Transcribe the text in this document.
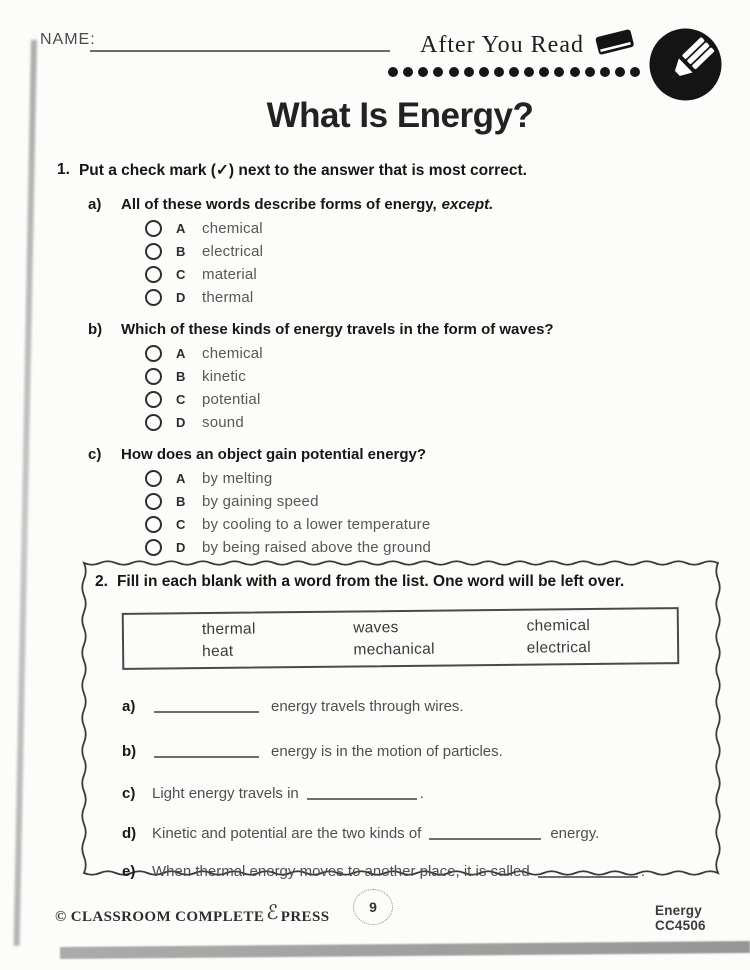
NAME:	After You Read
What Is Energy?
1. Put a check mark (✓) next to the answer that is most correct.
a)	All of these words describe forms of energy, except.
A	chemical
B	electrical
C	material
D	thermal
b)	Which of these kinds of energy travels in the form of waves?
A	chemical
B	kinetic
C	potential
D	sound
c)	How does an object gain potential energy?
A	by melting
B	by gaining speed
C	by cooling to a lower temperature
D	by being raised above the ground
2. Fill in each blank with a word from the list. One word will be left over.
thermal	waves	chemical
heat	mechanical	electrical
a)	energy travels through wires.
b)	energy is in the motion of particles.
c)	Light energy travels in	.
d)	Kinetic and potential are the two kinds of	energy.
e)	When thermal energy moves to another place, it is called	.
© CLASSROOM COMPLETE ℰ PRESS
9	Energy CC4506
